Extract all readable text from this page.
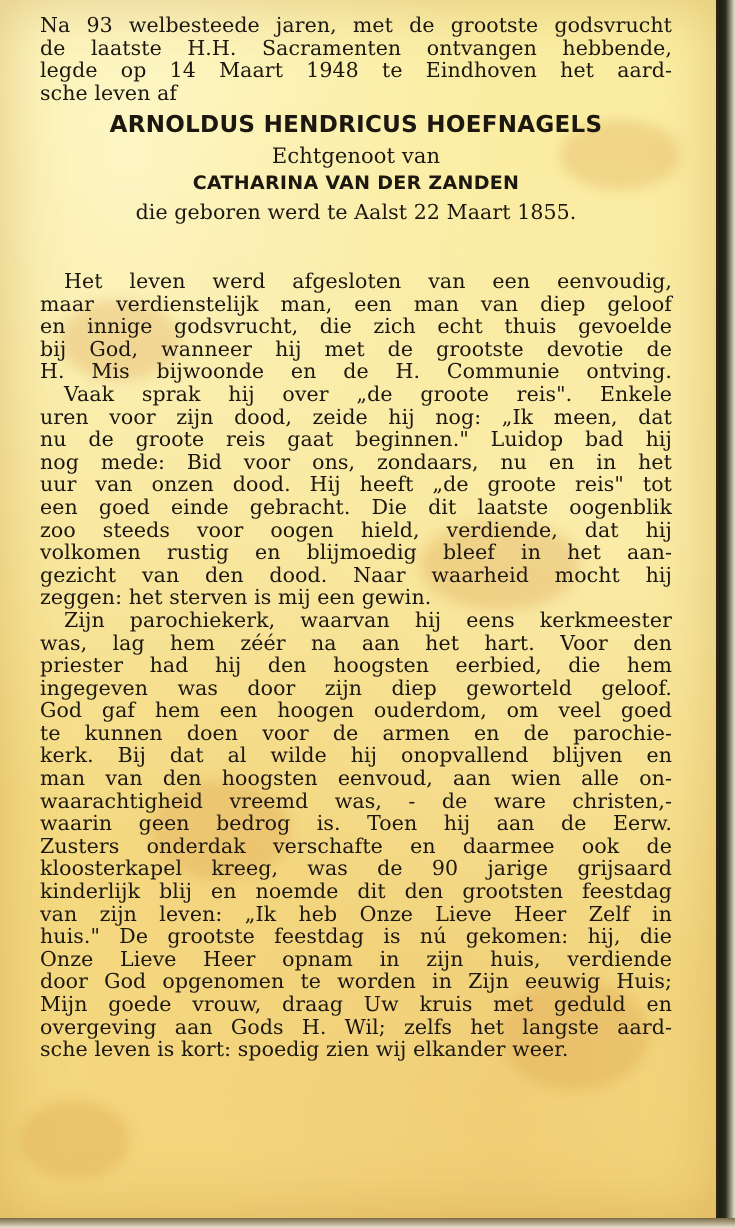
Na 93 welbesteede jaren, met de grootste godsvrucht
de laatste H.H. Sacramenten ontvangen hebbende,
legde op 14 Maart 1948 te Eindhoven het aard-
sche leven af
ARNOLDUS HENDRICUS HOEFNAGELS
Echtgenoot van
CATHARINA VAN DER ZANDEN
die geboren werd te Aalst 22 Maart 1855.
Het leven werd afgesloten van een eenvoudig,
maar verdienstelijk man, een man van diep geloof
en innige godsvrucht, die zich echt thuis gevoelde
bij God, wanneer hij met de grootste devotie de
H. Mis bijwoonde en de H. Communie ontving.
Vaak sprak hij over „de groote reis". Enkele
uren voor zijn dood, zeide hij nog: „Ik meen, dat
nu de groote reis gaat beginnen." Luidop bad hij
nog mede: Bid voor ons, zondaars, nu en in het
uur van onzen dood. Hij heeft „de groote reis" tot
een goed einde gebracht. Die dit laatste oogenblik
zoo steeds voor oogen hield, verdiende, dat hij
volkomen rustig en blijmoedig bleef in het aan-
gezicht van den dood. Naar waarheid mocht hij
zeggen: het sterven is mij een gewin.
Zijn parochiekerk, waarvan hij eens kerkmeester
was, lag hem zéér na aan het hart. Voor den
priester had hij den hoogsten eerbied, die hem
ingegeven was door zijn diep geworteld geloof.
God gaf hem een hoogen ouderdom, om veel goed
te kunnen doen voor de armen en de parochie-
kerk. Bij dat al wilde hij onopvallend blijven en
man van den hoogsten eenvoud, aan wien alle on-
waarachtigheid vreemd was, - de ware christen,-
waarin geen bedrog is. Toen hij aan de Eerw.
Zusters onderdak verschafte en daarmee ook de
kloosterkapel kreeg, was de 90 jarige grijsaard
kinderlijk blij en noemde dit den grootsten feestdag
van zijn leven: „Ik heb Onze Lieve Heer Zelf in
huis." De grootste feestdag is nú gekomen: hij, die
Onze Lieve Heer opnam in zijn huis, verdiende
door God opgenomen te worden in Zijn eeuwig Huis;
Mijn goede vrouw, draag Uw kruis met geduld en
overgeving aan Gods H. Wil; zelfs het langste aard-
sche leven is kort: spoedig zien wij elkander weer.
